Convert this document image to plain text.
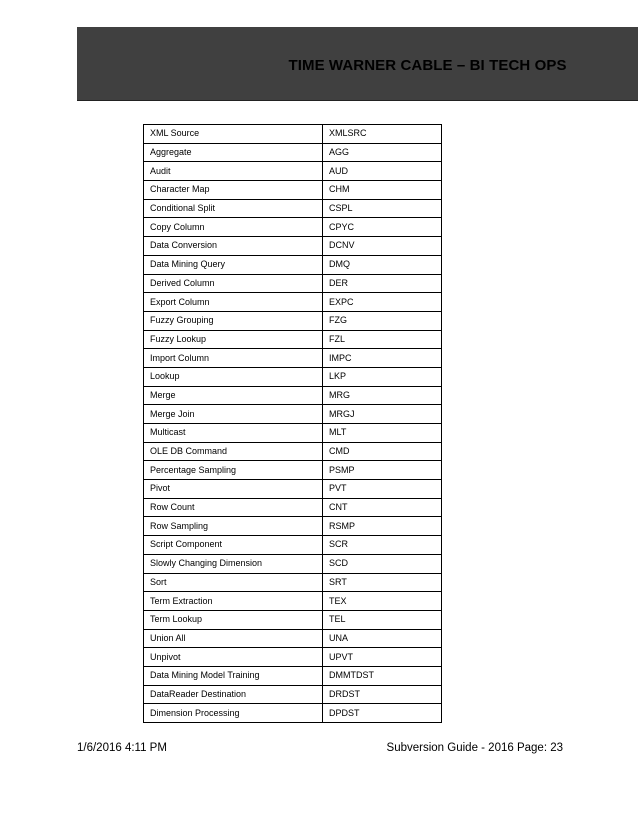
TIME WARNER CABLE – BI TECH OPS
XML Source	XMLSRC
Aggregate	AGG
Audit	AUD
Character Map	CHM
Conditional Split	CSPL
Copy Column	CPYC
Data Conversion	DCNV
Data Mining Query	DMQ
Derived Column	DER
Export Column	EXPC
Fuzzy Grouping	FZG
Fuzzy Lookup	FZL
Import Column	IMPC
Lookup	LKP
Merge	MRG
Merge Join	MRGJ
Multicast	MLT
OLE DB Command	CMD
Percentage Sampling	PSMP
Pivot	PVT
Row Count	CNT
Row Sampling	RSMP
Script Component	SCR
Slowly Changing Dimension	SCD
Sort	SRT
Term Extraction	TEX
Term Lookup	TEL
Union All	UNA
Unpivot	UPVT
Data Mining Model Training	DMMTDST
DataReader Destination	DRDST
Dimension Processing	DPDST
1/6/2016 4:11 PM	Subversion Guide - 2016 Page: 23
